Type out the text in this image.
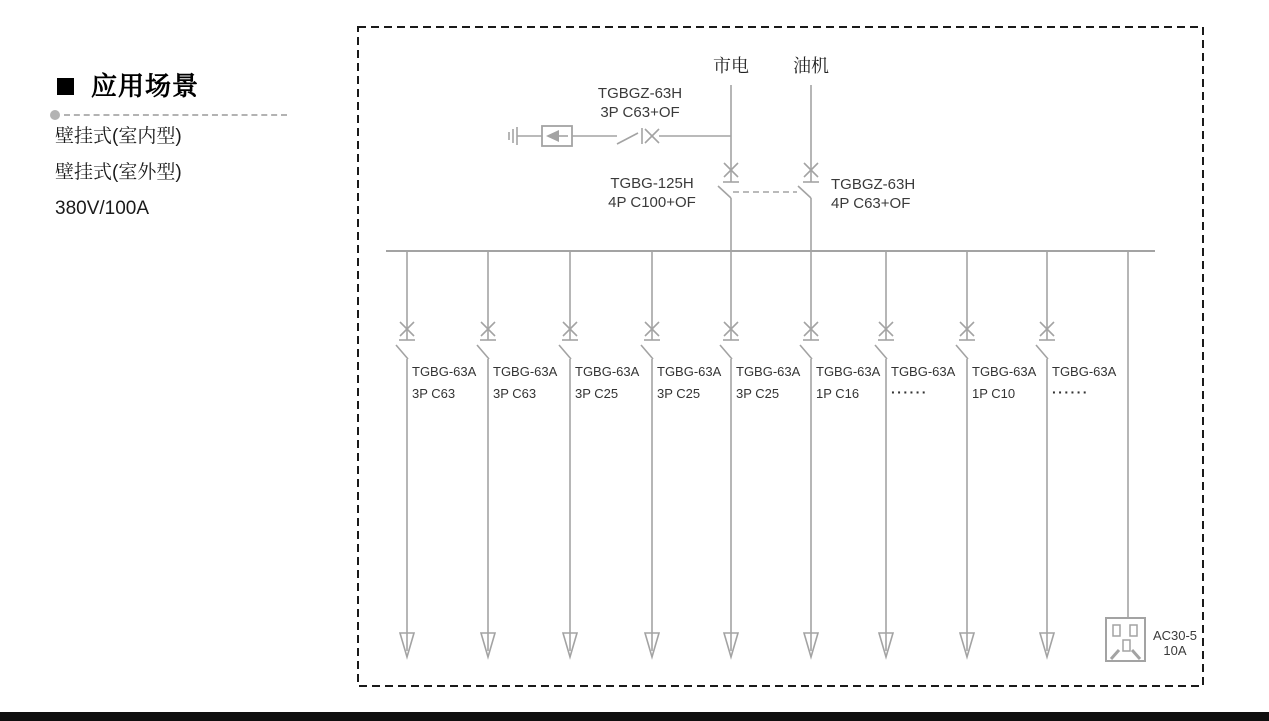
应用场景
壁挂式(室内型)
壁挂式(室外型)
380V/100A
市电	油机
TGBGZ-63H
3P C63+OF
TGBG-125H
4P C100+OF
TGBGZ-63H
4P C63+OF
TGBG-63A
3P C63
TGBG-63A
3P C63
TGBG-63A
3P C25
TGBG-63A
3P C25
TGBG-63A
3P C25
TGBG-63A
1P C16
TGBG-63A
······
TGBG-63A
1P C10
TGBG-63A
······
AC30-5
10A
